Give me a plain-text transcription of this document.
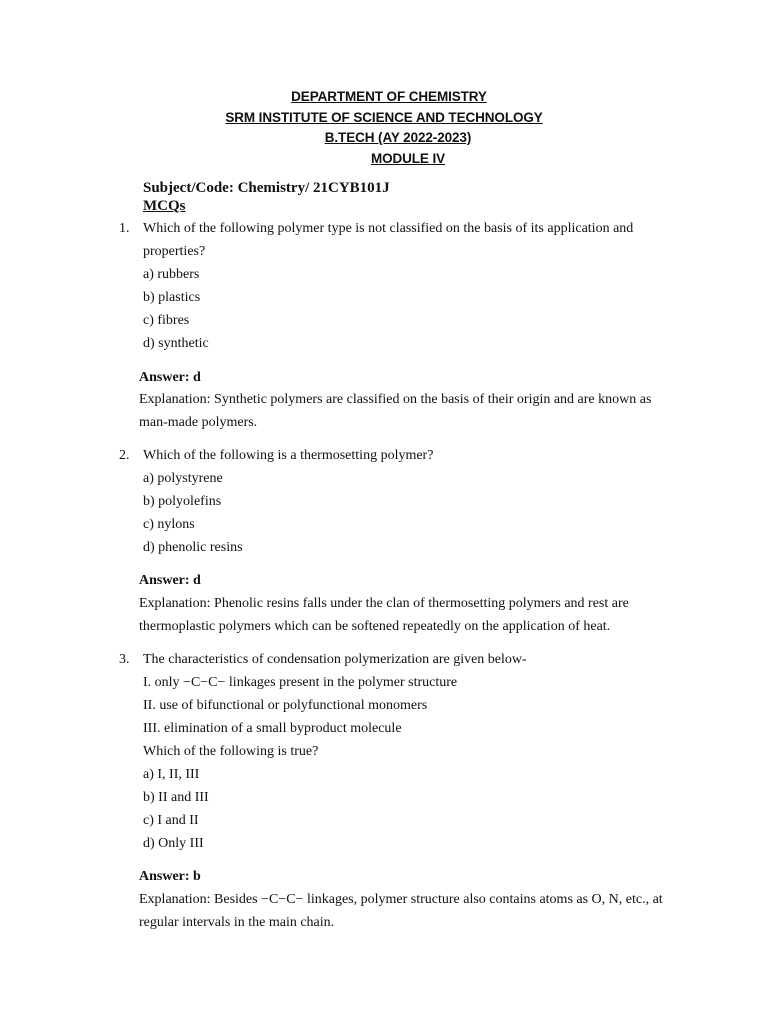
DEPARTMENT OF CHEMISTRY
SRM INSTITUTE OF SCIENCE AND TECHNOLOGY
B.TECH (AY 2022-2023)
MODULE IV
Subject/Code: Chemistry/ 21CYB101J
MCQs
1. Which of the following polymer type is not classified on the basis of its application and
properties?
a) rubbers
b) plastics
c) fibres
d) synthetic
Answer: d
Explanation: Synthetic polymers are classified on the basis of their origin and are known as
man-made polymers.
2. Which of the following is a thermosetting polymer?
a) polystyrene
b) polyolefins
c) nylons
d) phenolic resins
Answer: d
Explanation: Phenolic resins falls under the clan of thermosetting polymers and rest are
thermoplastic polymers which can be softened repeatedly on the application of heat.
3. The characteristics of condensation polymerization are given below-
I. only −C−C− linkages present in the polymer structure
II. use of bifunctional or polyfunctional monomers
III. elimination of a small byproduct molecule
Which of the following is true?
a) I, II, III
b) II and III
c) I and II
d) Only III
Answer: b
Explanation: Besides −C−C− linkages, polymer structure also contains atoms as O, N, etc., at
regular intervals in the main chain.
